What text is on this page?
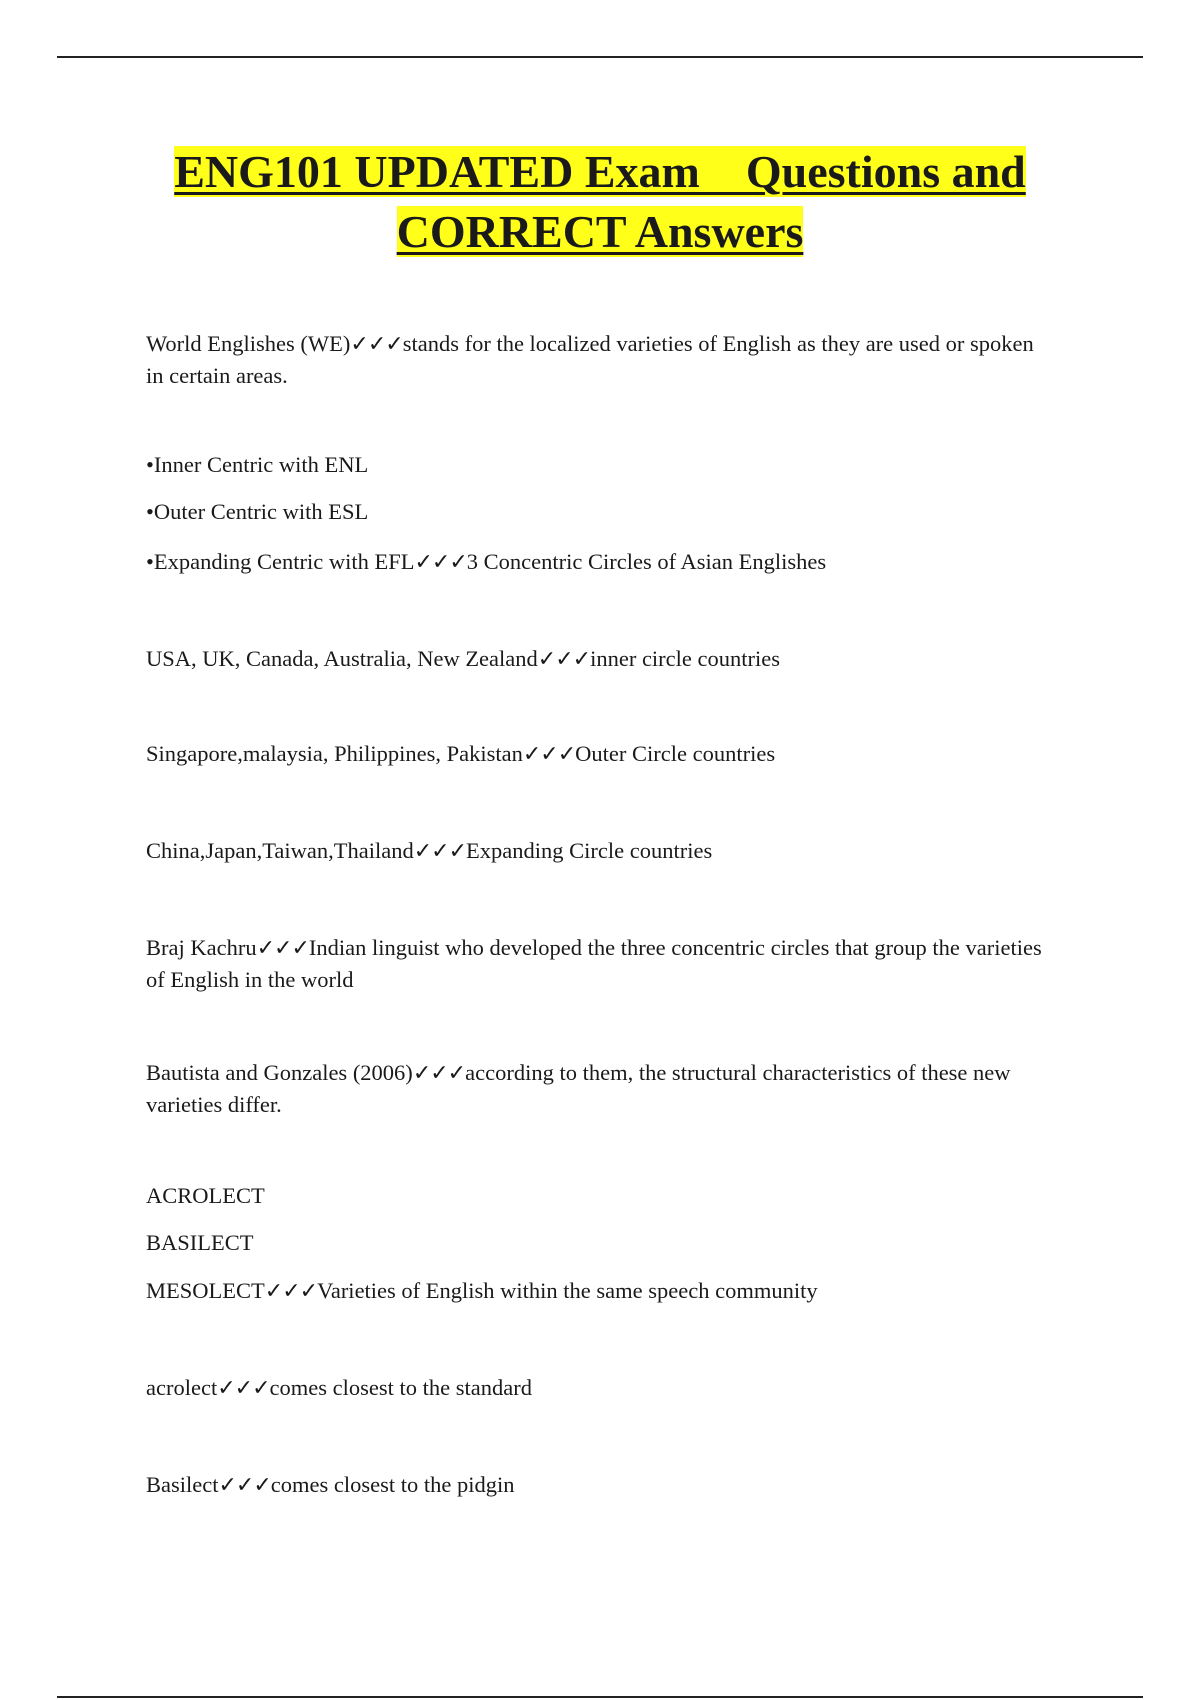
ENG101 UPDATED Exam    Questions and
CORRECT Answers

World Englishes (WE)✓✓✓stands for the localized varieties of English as they are used or spoken in certain areas.

•Inner Centric with ENL

•Outer Centric with ESL

•Expanding Centric with EFL✓✓✓3 Concentric Circles of Asian Englishes

USA, UK, Canada, Australia, New Zealand✓✓✓inner circle countries

Singapore,malaysia, Philippines, Pakistan✓✓✓Outer Circle countries

China,Japan,Taiwan,Thailand✓✓✓Expanding Circle countries

Braj Kachru✓✓✓Indian linguist who developed the three concentric circles that group the varieties of English in the world

Bautista and Gonzales (2006)✓✓✓according to them, the structural characteristics of these new varieties differ.

ACROLECT

BASILECT

MESOLECT✓✓✓Varieties of English within the same speech community

acrolect✓✓✓comes closest to the standard

Basilect✓✓✓comes closest to the pidgin
